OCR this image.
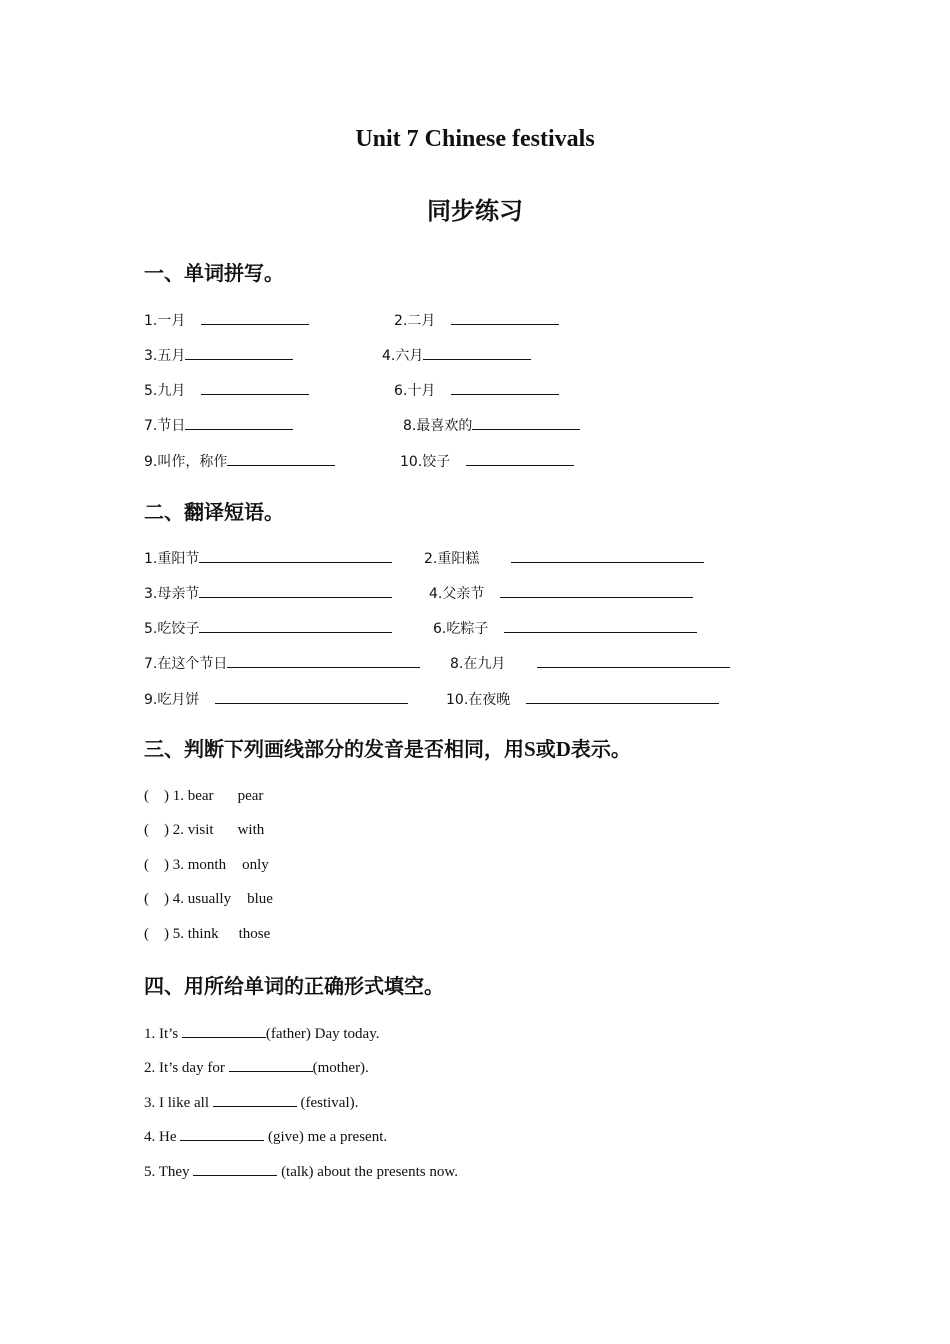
Unit 7 Chinese festivals
同步练习
一、单词拼写。
1.一月	2.二月
3.五月	4.六月
5.九月	6.十月
7.节日	8.最喜欢的
9.叫作，称作	10.饺子
二、翻译短语。
1.重阳节	2.重阳糕
3.母亲节	4.父亲节
5.吃饺子	6.吃粽子
7.在这个节日	8.在九月
9.吃月饼	10.在夜晚
三、判断下列画线部分的发音是否相同，用S或D表示。
(    ) 1. bear pear
(    ) 2. visit with
(    ) 3. month only
(    ) 4. usually blue
(    ) 5. think those
四、用所给单词的正确形式填空。
1. It’s	(father) Day today.
2. It’s day for	(mother).
3. I like all	(festival).
4. He	(give) me a present.
5. They	(talk) about the presents now.
